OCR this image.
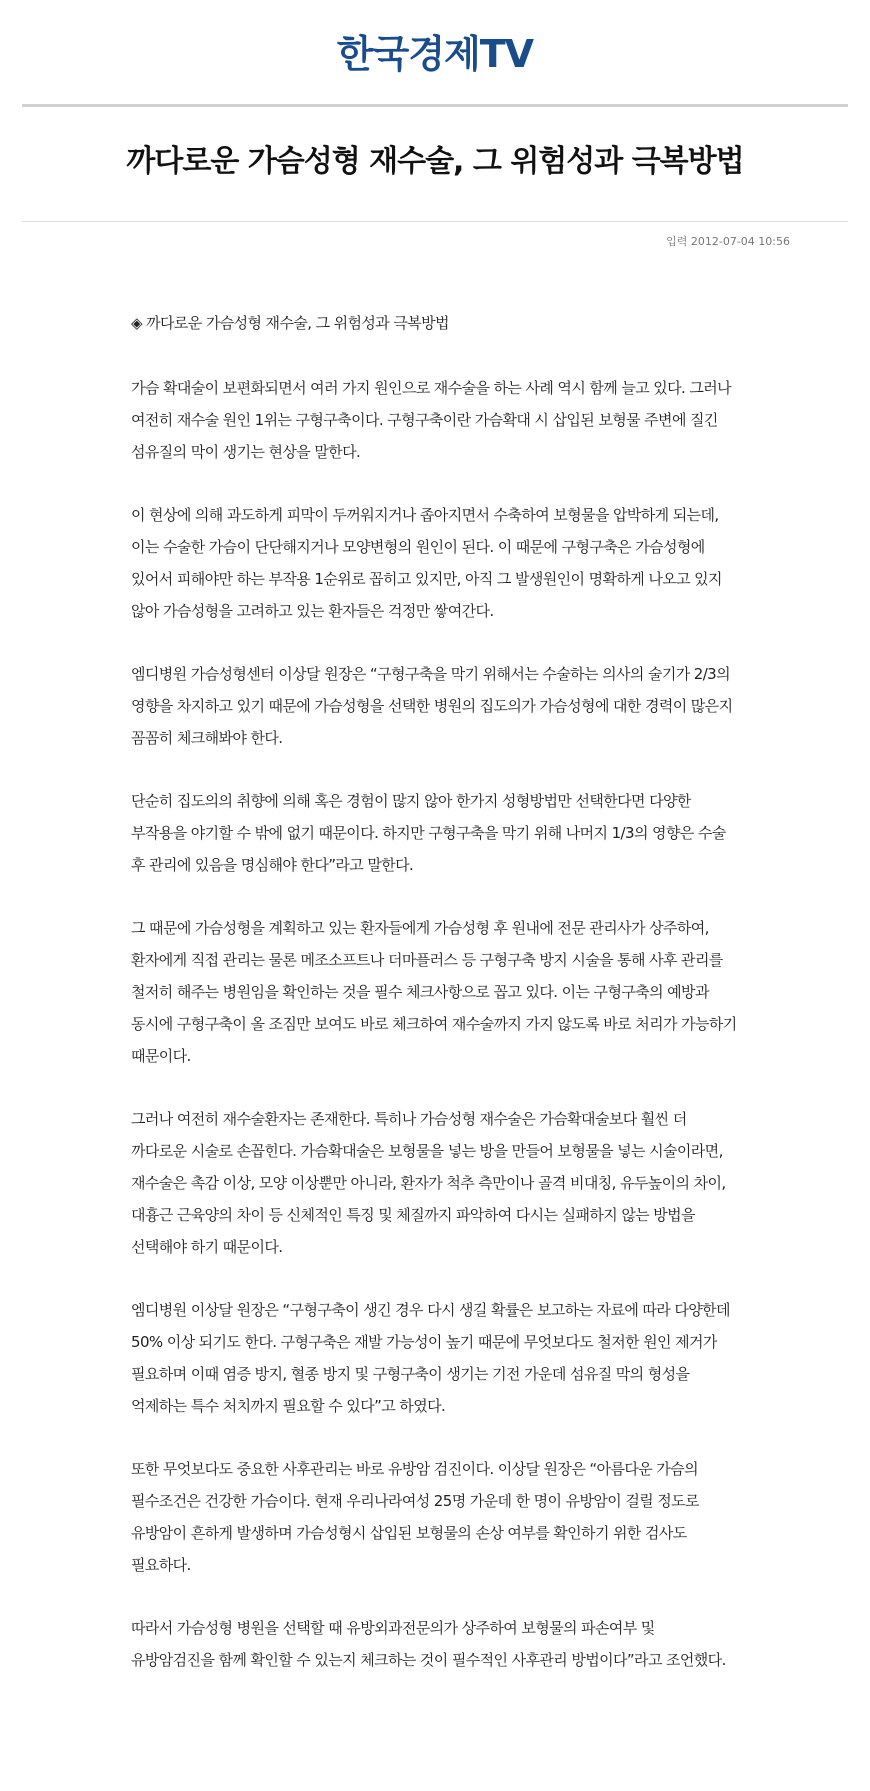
한국경제TV
까다로운 가슴성형 재수술, 그 위험성과 극복방법
입력 2012-07-04 10:56

◈ 까다로운 가슴성형 재수술, 그 위험성과 극복방법

가슴 확대술이 보편화되면서 여러 가지 원인으로 재수술을 하는 사례 역시 함께 늘고 있다. 그러나 여전히 재수술 원인 1위는 구형구축이다. 구형구축이란 가슴확대 시 삽입된 보형물 주변에 질긴 섬유질의 막이 생기는 현상을 말한다.

이 현상에 의해 과도하게 피막이 두꺼워지거나 좁아지면서 수축하여 보형물을 압박하게 되는데, 이는 수술한 가슴이 단단해지거나 모양변형의 원인이 된다. 이 때문에 구형구축은 가슴성형에 있어서 피해야만 하는 부작용 1순위로 꼽히고 있지만, 아직 그 발생원인이 명확하게 나오고 있지 않아 가슴성형을 고려하고 있는 환자들은 걱정만 쌓여간다.

엠디병원 가슴성형센터 이상달 원장은 “구형구축을 막기 위해서는 수술하는 의사의 술기가 2/3의 영향을 차지하고 있기 때문에 가슴성형을 선택한 병원의 집도의가 가슴성형에 대한 경력이 많은지 꼼꼼히 체크해봐야 한다.

단순히 집도의의 취향에 의해 혹은 경험이 많지 않아 한가지 성형방법만 선택한다면 다양한 부작용을 야기할 수 밖에 없기 때문이다. 하지만 구형구축을 막기 위해 나머지 1/3의 영향은 수술 후 관리에 있음을 명심해야 한다”라고 말한다.

그 때문에 가슴성형을 계획하고 있는 환자들에게 가슴성형 후 원내에 전문 관리사가 상주하여, 환자에게 직접 관리는 물론 메조소프트나 더마플러스 등 구형구축 방지 시술을 통해 사후 관리를 철저히 해주는 병원임을 확인하는 것을 필수 체크사항으로 꼽고 있다. 이는 구형구축의 예방과 동시에 구형구축이 올 조짐만 보여도 바로 체크하여 재수술까지 가지 않도록 바로 처리가 가능하기 때문이다.

그러나 여전히 재수술환자는 존재한다. 특히나 가슴성형 재수술은 가슴확대술보다 훨씬 더 까다로운 시술로 손꼽힌다. 가슴확대술은 보형물을 넣는 방을 만들어 보형물을 넣는 시술이라면, 재수술은 촉감 이상, 모양 이상뿐만 아니라, 환자가 척추 측만이나 골격 비대칭, 유두높이의 차이, 대흉근 근육양의 차이 등 신체적인 특징 및 체질까지 파악하여 다시는 실패하지 않는 방법을 선택해야 하기 때문이다.

엠디병원 이상달 원장은 “구형구축이 생긴 경우 다시 생길 확률은 보고하는 자료에 따라 다양한데 50% 이상 되기도 한다. 구형구축은 재발 가능성이 높기 때문에 무엇보다도 철저한 원인 제거가 필요하며 이때 염증 방지, 혈종 방지 및 구형구축이 생기는 기전 가운데 섬유질 막의 형성을 억제하는 특수 처치까지 필요할 수 있다”고 하였다.

또한 무엇보다도 중요한 사후관리는 바로 유방암 검진이다. 이상달 원장은 “아름다운 가슴의 필수조건은 건강한 가슴이다. 현재 우리나라여성 25명 가운데 한 명이 유방암이 걸릴 정도로 유방암이 흔하게 발생하며 가슴성형시 삽입된 보형물의 손상 여부를 확인하기 위한 검사도 필요하다.

따라서 가슴성형 병원을 선택할 때 유방외과전문의가 상주하여 보형물의 파손여부 및 유방암검진을 함께 확인할 수 있는지 체크하는 것이 필수적인 사후관리 방법이다”라고 조언했다.
